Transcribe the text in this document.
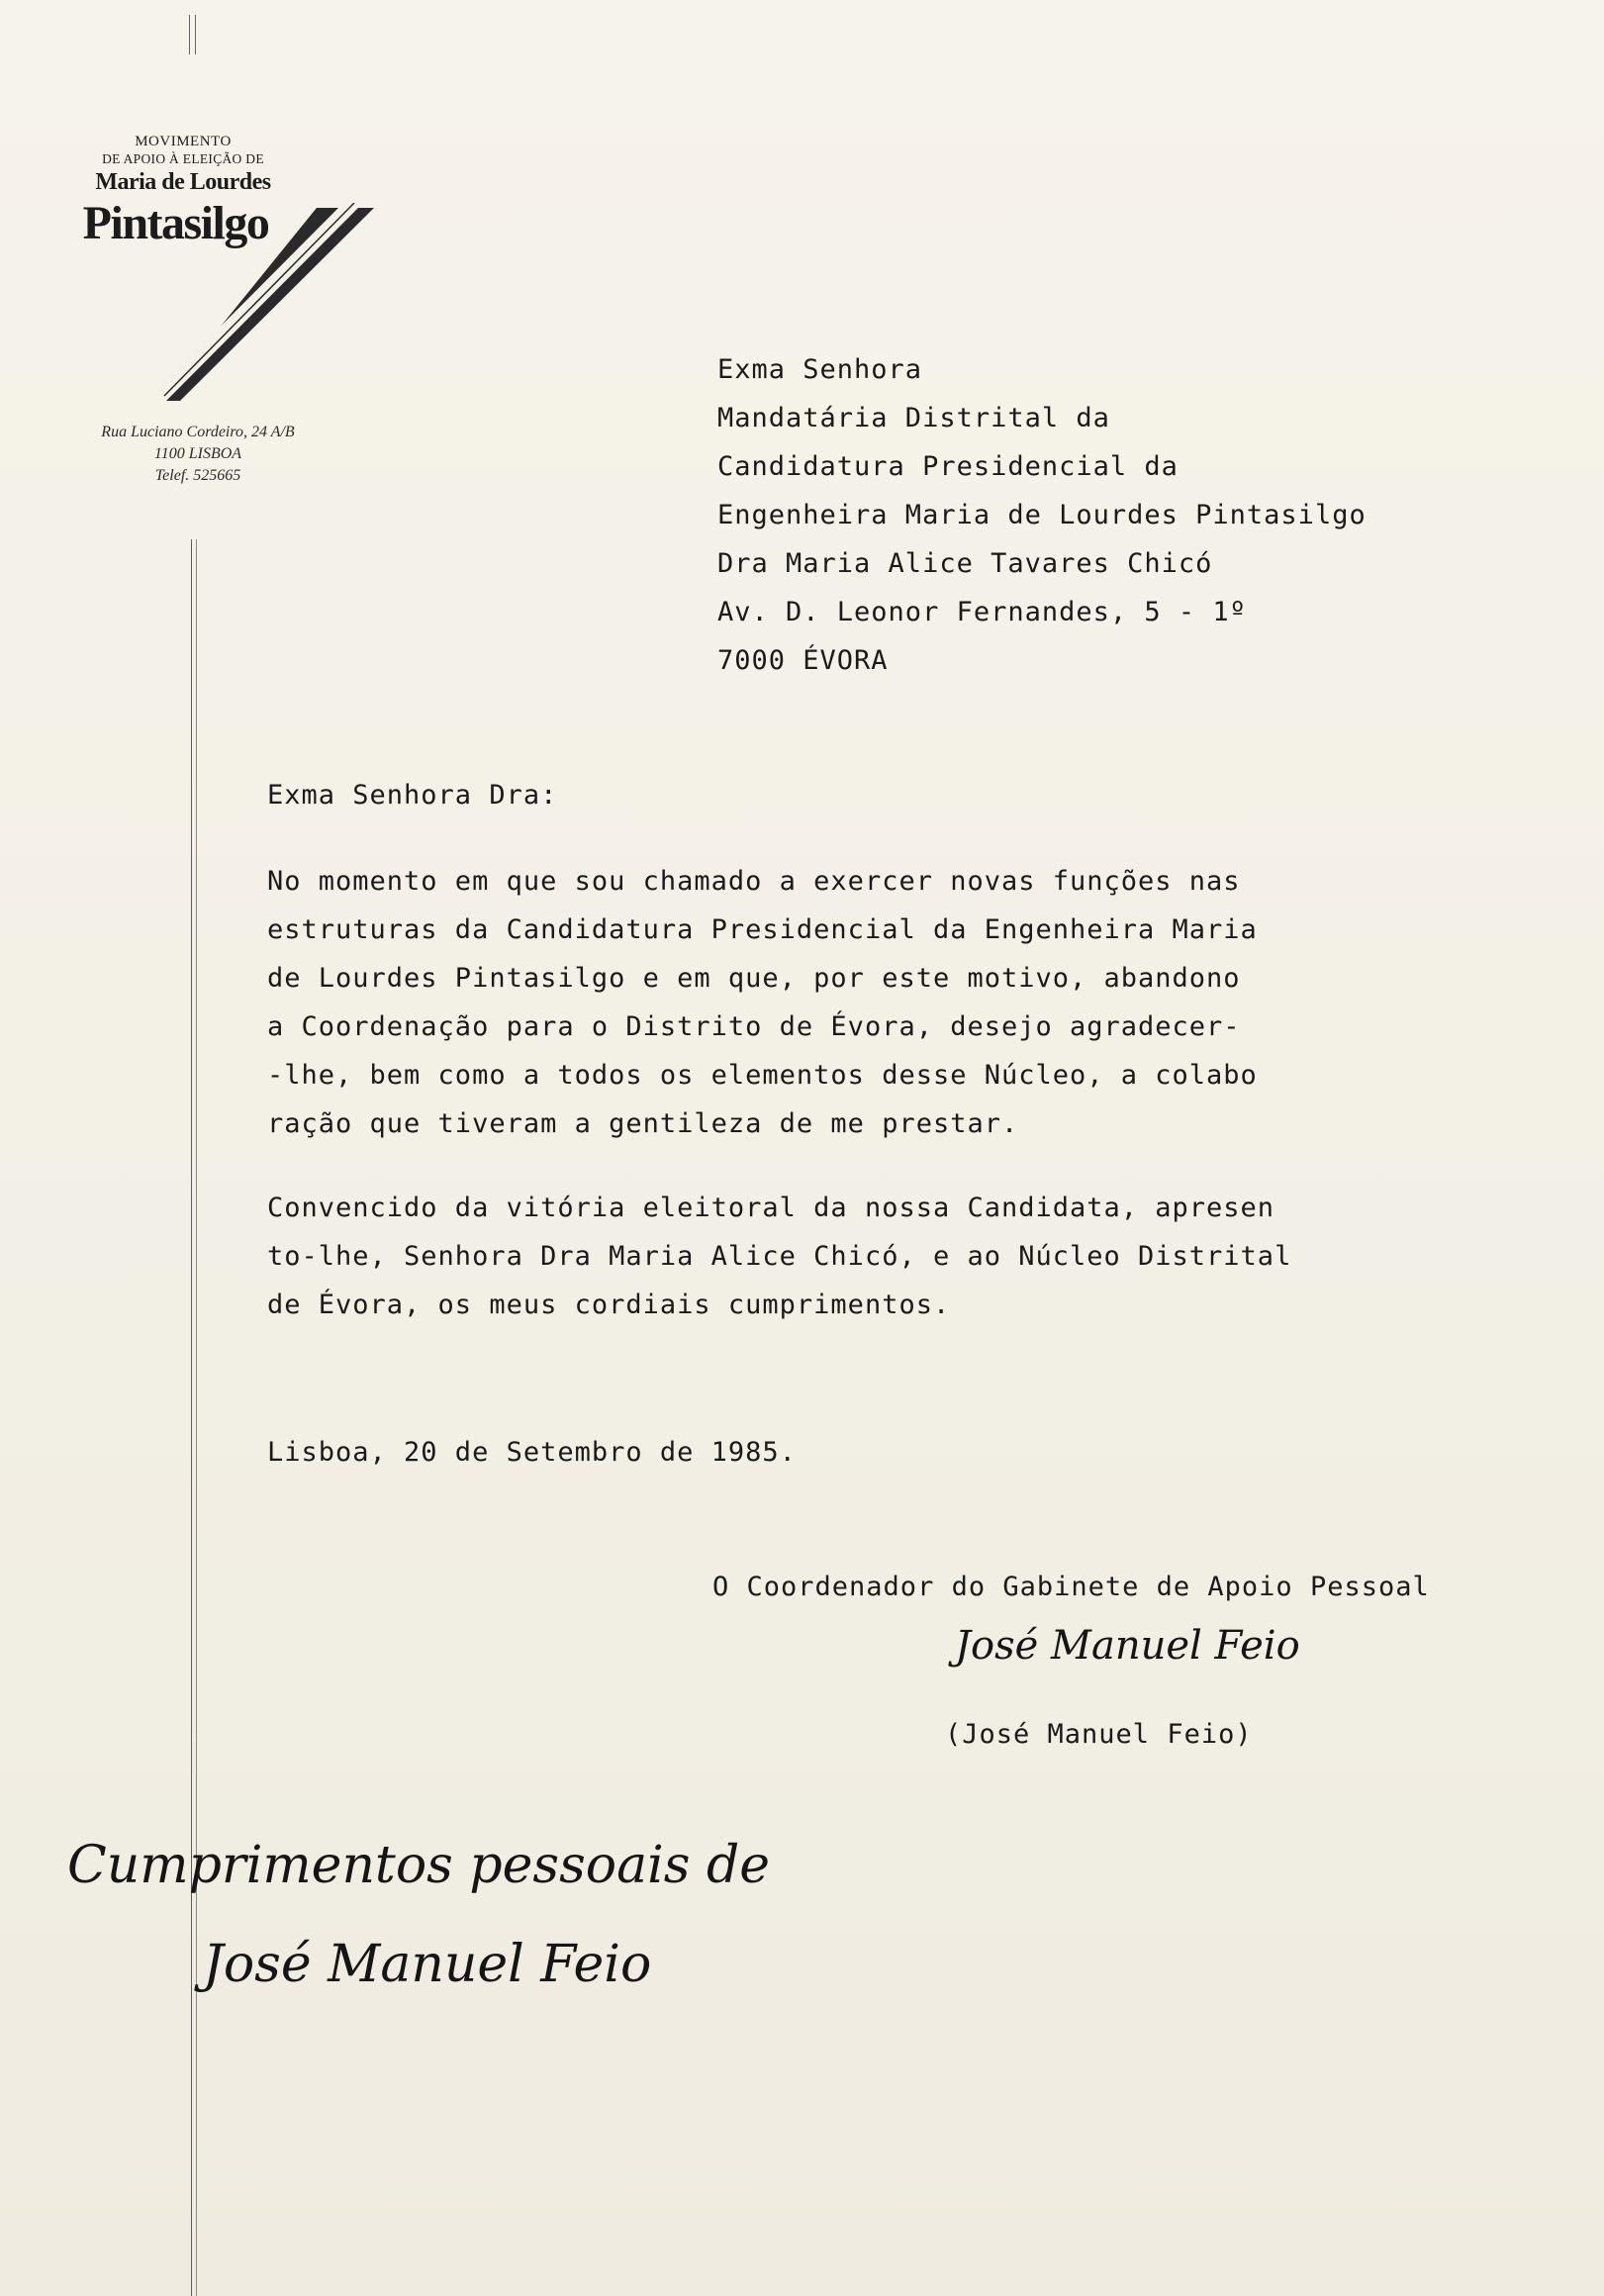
MOVIMENTO
DE APOIO À ELEIÇÃO DE
Maria de Lourdes
Pintasilgo
Rua Luciano Cordeiro, 24 A/B
1100 LISBOA
Telef. 525665
Exma Senhora
Mandatária Distrital da
Candidatura Presidencial da
Engenheira Maria de Lourdes Pintasilgo
Dra Maria Alice Tavares Chicó
Av. D. Leonor Fernandes, 5 - 1º
7000 ÉVORA
Exma Senhora Dra:
No momento em que sou chamado a exercer novas funções nas
estruturas da Candidatura Presidencial da Engenheira Maria
de Lourdes Pintasilgo e em que, por este motivo, abandono
a Coordenação para o Distrito de Évora, desejo agradecer-
-lhe, bem como a todos os elementos desse Núcleo, a colabo
ração que tiveram a gentileza de me prestar.
Convencido da vitória eleitoral da nossa Candidata, apresen
to-lhe, Senhora Dra Maria Alice Chicó, e ao Núcleo Distrital
de Évora, os meus cordiais cumprimentos.
Lisboa, 20 de Setembro de 1985.
O Coordenador do Gabinete de Apoio Pessoal
José Manuel Feio
(José Manuel Feio)
Cumprimentos pessoais de
José Manuel Feio
